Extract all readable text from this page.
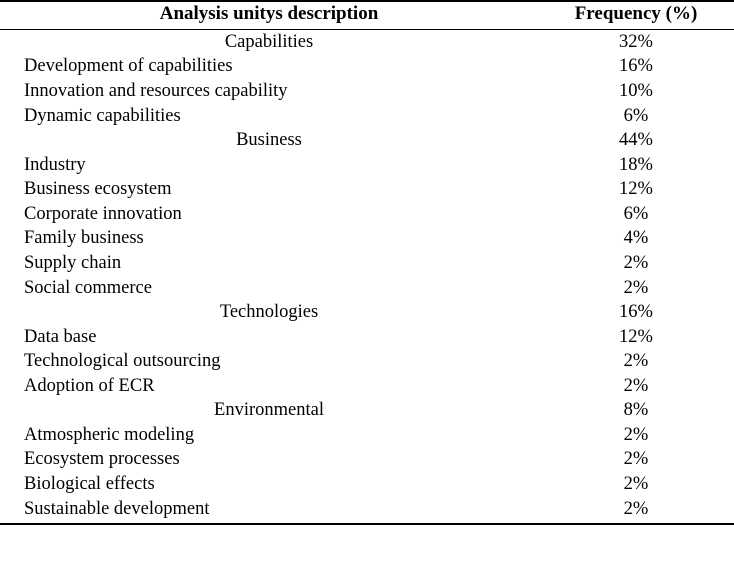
Analysis unitys description	Frequency (%)
Capabilities	32%
Development of capabilities	16%
Innovation and resources capability	10%
Dynamic capabilities	6%
Business	44%
Industry	18%
Business ecosystem	12%
Corporate innovation	6%
Family business	4%
Supply chain	2%
Social commerce	2%
Technologies	16%
Data base	12%
Technological outsourcing	2%
Adoption of ECR	2%
Environmental	8%
Atmospheric modeling	2%
Ecosystem processes	2%
Biological effects	2%
Sustainable development	2%
